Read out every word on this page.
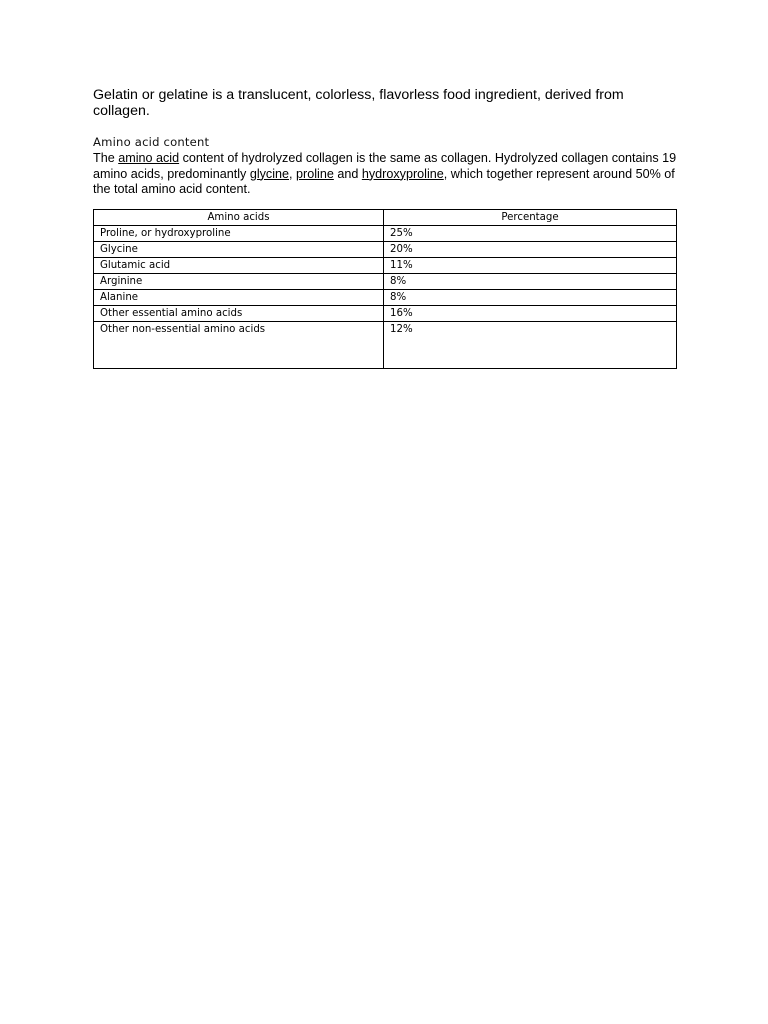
Gelatin or gelatine is a translucent, colorless, flavorless food ingredient, derived from collagen.

Amino acid content

The amino acid content of hydrolyzed collagen is the same as collagen. Hydrolyzed collagen contains 19 amino acids, predominantly glycine, proline and hydroxyproline, which together represent around 50% of the total amino acid content.

Amino acids	Percentage
Proline, or hydroxyproline	25%
Glycine	20%
Glutamic acid	11%
Arginine	8%
Alanine	8%
Other essential amino acids	16%
Other non-essential amino acids	12%
